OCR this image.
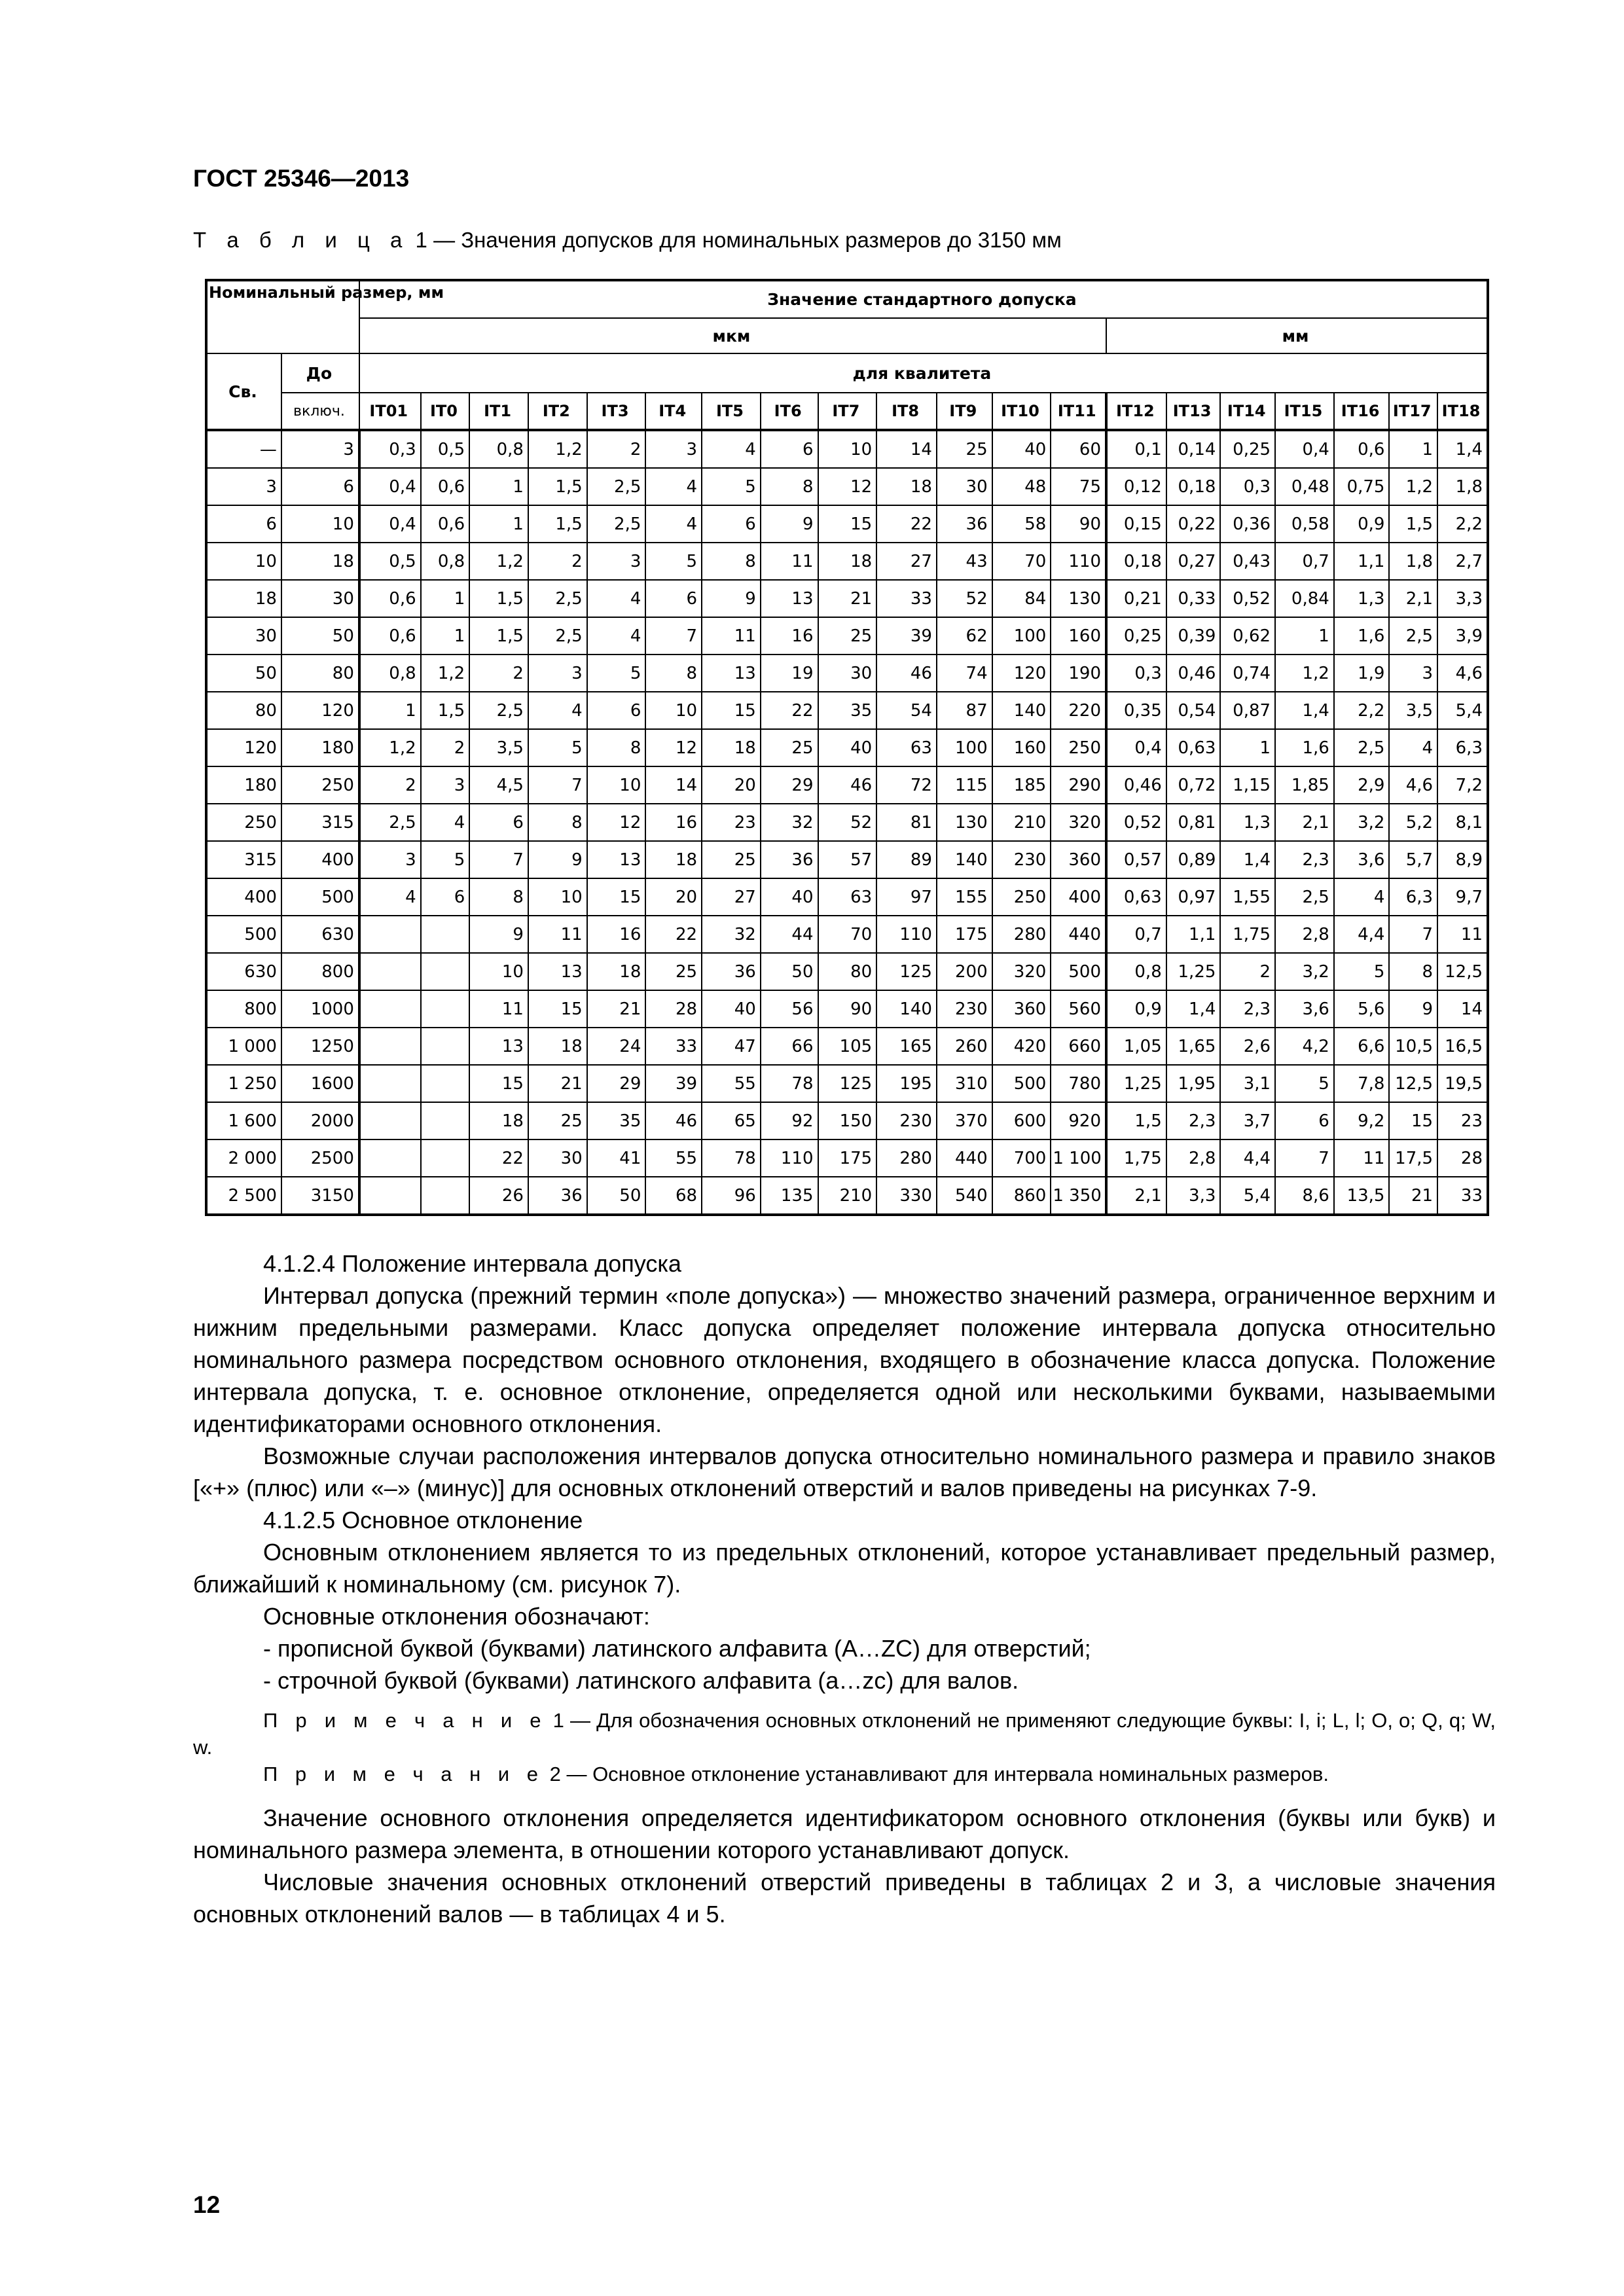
ГОСТ 25346—2013
Т а б л и ц а 1 — Значения допусков для номинальных размеров до 3150 мм
Номинальный размер, мм		Значение стандартного допуска																			
		мкм													мм						
Св.	До	для квалитета																			
	включ.	IT01	IT0	IT1	IT2	IT3	IT4	IT5	IT6	IT7	IT8	IT9	IT10	IT11	IT12	IT13	IT14	IT15	IT16	IT17	IT18
—	3	0,3	0,5	0,8	1,2	2	3	4	6	10	14	25	40	60	0,1	0,14	0,25	0,4	0,6	1	1,4
3	6	0,4	0,6	1	1,5	2,5	4	5	8	12	18	30	48	75	0,12	0,18	0,3	0,48	0,75	1,2	1,8
6	10	0,4	0,6	1	1,5	2,5	4	6	9	15	22	36	58	90	0,15	0,22	0,36	0,58	0,9	1,5	2,2
10	18	0,5	0,8	1,2	2	3	5	8	11	18	27	43	70	110	0,18	0,27	0,43	0,7	1,1	1,8	2,7
18	30	0,6	1	1,5	2,5	4	6	9	13	21	33	52	84	130	0,21	0,33	0,52	0,84	1,3	2,1	3,3
30	50	0,6	1	1,5	2,5	4	7	11	16	25	39	62	100	160	0,25	0,39	0,62	1	1,6	2,5	3,9
50	80	0,8	1,2	2	3	5	8	13	19	30	46	74	120	190	0,3	0,46	0,74	1,2	1,9	3	4,6
80	120	1	1,5	2,5	4	6	10	15	22	35	54	87	140	220	0,35	0,54	0,87	1,4	2,2	3,5	5,4
120	180	1,2	2	3,5	5	8	12	18	25	40	63	100	160	250	0,4	0,63	1	1,6	2,5	4	6,3
180	250	2	3	4,5	7	10	14	20	29	46	72	115	185	290	0,46	0,72	1,15	1,85	2,9	4,6	7,2
250	315	2,5	4	6	8	12	16	23	32	52	81	130	210	320	0,52	0,81	1,3	2,1	3,2	5,2	8,1
315	400	3	5	7	9	13	18	25	36	57	89	140	230	360	0,57	0,89	1,4	2,3	3,6	5,7	8,9
400	500	4	6	8	10	15	20	27	40	63	97	155	250	400	0,63	0,97	1,55	2,5	4	6,3	9,7
500	630			9	11	16	22	32	44	70	110	175	280	440	0,7	1,1	1,75	2,8	4,4	7	11
630	800			10	13	18	25	36	50	80	125	200	320	500	0,8	1,25	2	3,2	5	8	12,5
800	1000			11	15	21	28	40	56	90	140	230	360	560	0,9	1,4	2,3	3,6	5,6	9	14
1 000	1250			13	18	24	33	47	66	105	165	260	420	660	1,05	1,65	2,6	4,2	6,6	10,5	16,5
1 250	1600			15	21	29	39	55	78	125	195	310	500	780	1,25	1,95	3,1	5	7,8	12,5	19,5
1 600	2000			18	25	35	46	65	92	150	230	370	600	920	1,5	2,3	3,7	6	9,2	15	23
2 000	2500			22	30	41	55	78	110	175	280	440	700	1 100	1,75	2,8	4,4	7	11	17,5	28
2 500	3150			26	36	50	68	96	135	210	330	540	860	1 350	2,1	3,3	5,4	8,6	13,5	21	33

4.1.2.4 Положение интервала допуска

Интервал допуска (прежний термин «поле допуска») — множество значений размера, ограниченное верхним и нижним предельными размерами. Класс допуска определяет положение интервала допуска относительно номинального размера посредством основного отклонения, входящего в обозначение класса допуска. Положение интервала допуска, т. е. основное отклонение, определяется одной или несколькими буквами, называемыми идентификаторами основного отклонения.

Возможные случаи расположения интервалов допуска относительно номинального размера и правило знаков [«+» (плюс) или «–» (минус)] для основных отклонений отверстий и валов приведены на рисунках 7-9.

4.1.2.5 Основное отклонение

Основным отклонением является то из предельных отклонений, которое устанавливает предельный размер, ближайший к номинальному (см. рисунок 7).

Основные отклонения обозначают:

- прописной буквой (буквами) латинского алфавита (A…ZC) для отверстий;

- строчной буквой (буквами) латинского алфавита (a…zc) для валов.

П р и м е ч а н и е 1 — Для обозначения основных отклонений не применяют следующие буквы: I, i; L, l; O, o; Q, q; W, w.

П р и м е ч а н и е 2 — Основное отклонение устанавливают для интервала номинальных размеров.

Значение основного отклонения определяется идентификатором основного отклонения (буквы или букв) и номинального размера элемента, в отношении которого устанавливают допуск.

Числовые значения основных отклонений отверстий приведены в таблицах 2 и 3, а числовые значения основных отклонений валов — в таблицах 4 и 5.

12
